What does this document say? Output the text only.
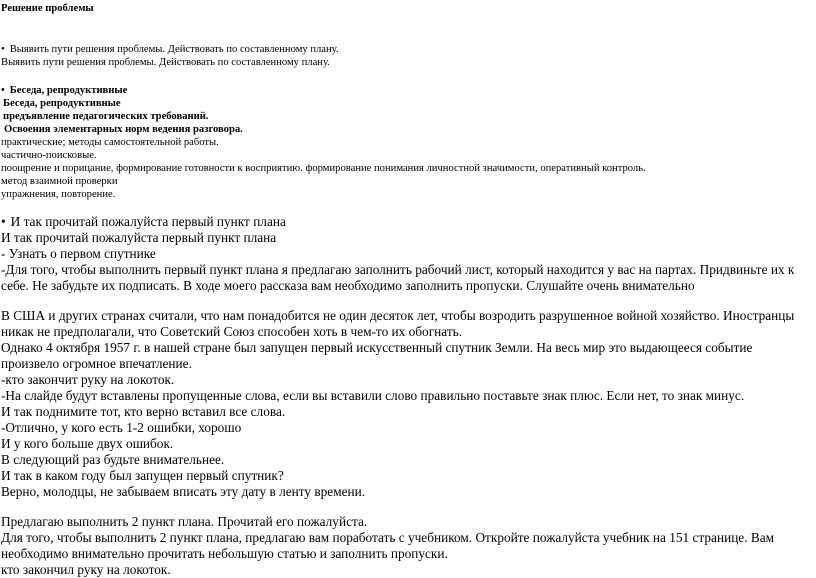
Решение проблемы

• Выявить пути решения проблемы. Действовать по составленному плану.

Выявить пути решения проблемы. Действовать по составленному плану.

• Беседа, репродуктивные

Беседа, репродуктивные

предъявление педагогических требований.

Освоения элементарных норм ведения разговора.

практические; методы самостоятельной работы.

частично-поисковые.

поощрение и порицание, формирование готовности к восприятию. формирование понимания личностной значимости, оперативный контроль.

метод взаимной проверки

упражнения, повторение.

• И так прочитай пожалуйста первый пункт плана

И так прочитай пожалуйста первый пункт плана

- Узнать о первом спутнике

-Для того, чтобы выполнить первый пункт плана я предлагаю заполнить рабочий лист, который находится у вас на партах. Придвиньте их к себе. Не забудьте их подписать. В ходе моего рассказа вам необходимо заполнить пропуски. Слушайте очень внимательно

В США и других странах считали, что нам понадобится не один десяток лет, чтобы возродить разрушенное войной хозяйство. Иностранцы никак не предполагали, что Советский Союз способен хоть в чем-то их обогнать.

Однако 4 октября 1957 г. в нашей стране был запущен первый искусственный спутник Земли. На весь мир это выдающееся событие произвело огромное впечатление.

-кто закончит руку на локоток.

-На слайде будут вставлены пропущенные слова, если вы вставили слово правильно поставьте знак плюс. Если нет, то знак минус.

И так поднимите тот, кто верно вставил все слова.

-Отлично, у кого есть 1-2 ошибки, хорошо

И у кого больше двух ошибок.

В следующий раз будьте внимательнее.

И так в каком году был запущен первый спутник?

Верно, молодцы, не забываем вписать эту дату в ленту времени.

Предлагаю выполнить 2 пункт плана. Прочитай его пожалуйста.

Для того, чтобы выполнить 2 пункт плана, предлагаю вам поработать с учебником. Откройте пожалуйста учебник на 151 странице. Вам необходимо внимательно прочитать небольшую статью и заполнить пропуски.

кто закончил руку на локоток.
